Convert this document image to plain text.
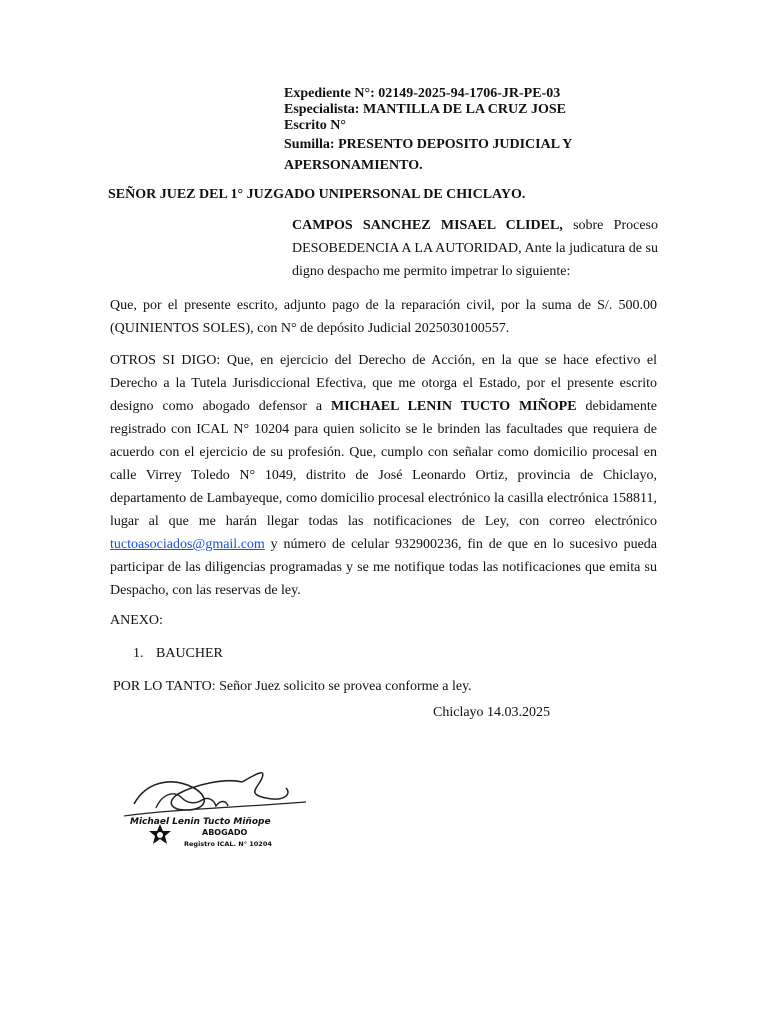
Expediente N°: 02149-2025-94-1706-JR-PE-03
Especialista: MANTILLA DE LA CRUZ JOSE
Escrito N°
Sumilla: PRESENTO DEPOSITO JUDICIAL Y
APERSONAMIENTO.
SEÑOR JUEZ DEL 1° JUZGADO UNIPERSONAL DE CHICLAYO.
CAMPOS SANCHEZ MISAEL CLIDEL, sobre Proceso DESOBEDENCIA A LA AUTORIDAD, Ante la judicatura de su digno despacho me permito impetrar lo siguiente:

Que, por el presente escrito, adjunto pago de la reparación civil, por la suma de S/. 500.00 (QUINIENTOS SOLES), con N° de depósito Judicial 2025030100557.

OTROS SI DIGO: Que, en ejercicio del Derecho de Acción, en la que se hace efectivo el Derecho a la Tutela Jurisdiccional Efectiva, que me otorga el Estado, por el presente escrito designo como abogado defensor a MICHAEL LENIN TUCTO MIÑOPE debidamente registrado con ICAL N° 10204 para quien solicito se le brinden las facultades que requiera de acuerdo con el ejercicio de su profesión. Que, cumplo con señalar como domicilio procesal en calle Virrey Toledo N° 1049, distrito de José Leonardo Ortiz, provincia de Chiclayo, departamento de Lambayeque, como domicilio procesal electrónico la casilla electrónica 158811, lugar al que me harán llegar todas las notificaciones de Ley, con correo electrónico tuctoasociados@gmail.com y número de celular 932900236, fin de que en lo sucesivo pueda participar de las diligencias programadas y se me notifique todas las notificaciones que emita su Despacho, con las reservas de ley.

ANEXO:
1. BAUCHER
POR LO TANTO: Señor Juez solicito se provea conforme a ley.
Chiclayo 14.03.2025
Michael Lenin Tucto Miñope
ABOGADO
Registro ICAL. N° 10204
